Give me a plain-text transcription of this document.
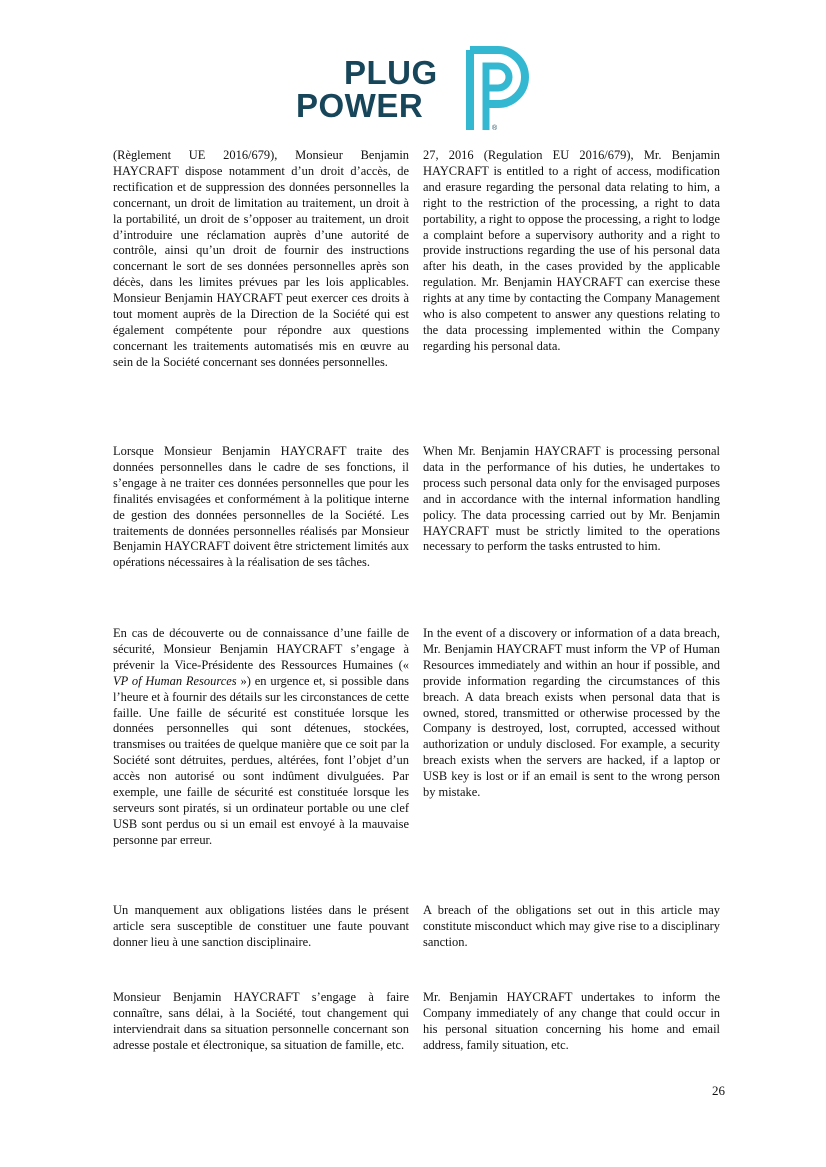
PLUG
POWER
®

(Règlement UE 2016/679), Monsieur Benjamin HAYCRAFT dispose notamment d’un droit d’accès, de rectification et de suppression des données personnelles la concernant, un droit de limitation au traitement, un droit à la portabilité, un droit de s’opposer au traitement, un droit d’introduire une réclamation auprès d’une autorité de contrôle, ainsi qu’un droit de fournir des instructions concernant le sort de ses données personnelles après son décès, dans les limites prévues par les lois applicables. Monsieur Benjamin HAYCRAFT peut exercer ces droits à tout moment auprès de la Direction de la Société qui est également compétente pour répondre aux questions concernant les traitements automatisés mis en œuvre au sein de la Société concernant ses données personnelles.

27, 2016 (Regulation EU 2016/679), Mr. Benjamin HAYCRAFT is entitled to a right of access, modification and erasure regarding the personal data relating to him, a right to the restriction of the processing, a right to data portability, a right to oppose the processing, a right to lodge a complaint before a supervisory authority and a right to provide instructions regarding the use of his personal data after his death, in the cases provided by the applicable regulation. Mr. Benjamin HAYCRAFT can exercise these rights at any time by contacting the Company Management who is also competent to answer any questions relating to the data processing implemented within the Company regarding his personal data.

Lorsque Monsieur Benjamin HAYCRAFT traite des données personnelles dans le cadre de ses fonctions, il s’engage à ne traiter ces données personnelles que pour les finalités envisagées et conformément à la politique interne de gestion des données personnelles de la Société. Les traitements de données personnelles réalisés par Monsieur Benjamin HAYCRAFT doivent être strictement limités aux opérations nécessaires à la réalisation de ses tâches.

When Mr. Benjamin HAYCRAFT is processing personal data in the performance of his duties, he undertakes to process such personal data only for the envisaged purposes and in accordance with the internal information handling policy. The data processing carried out by Mr. Benjamin HAYCRAFT must be strictly limited to the operations necessary to perform the tasks entrusted to him.

En cas de découverte ou de connaissance d’une faille de sécurité, Monsieur Benjamin HAYCRAFT s’engage à prévenir la Vice-Présidente des Ressources Humaines (« VP of Human Resources ») en urgence et, si possible dans l’heure et à fournir des détails sur les circonstances de cette faille. Une faille de sécurité est constituée lorsque les données personnelles qui sont détenues, stockées, transmises ou traitées de quelque manière que ce soit par la Société sont détruites, perdues, altérées, font l’objet d’un accès non autorisé ou sont indûment divulguées. Par exemple, une faille de sécurité est constituée lorsque les serveurs sont piratés, si un ordinateur portable ou une clef USB sont perdus ou si un email est envoyé à la mauvaise personne par erreur.

In the event of a discovery or information of a data breach, Mr. Benjamin HAYCRAFT must inform the VP of Human Resources immediately and within an hour if possible, and provide information regarding the circumstances of this breach. A data breach exists when personal data that is owned, stored, transmitted or otherwise processed by the Company is destroyed, lost, corrupted, accessed without authorization or unduly disclosed. For example, a security breach exists when the servers are hacked, if a laptop or USB key is lost or if an email is sent to the wrong person by mistake.

Un manquement aux obligations listées dans le présent article sera susceptible de constituer une faute pouvant donner lieu à une sanction disciplinaire.

A breach of the obligations set out in this article may constitute misconduct which may give rise to a disciplinary sanction.

Monsieur Benjamin HAYCRAFT s’engage à faire connaître, sans délai, à la Société, tout changement qui interviendrait dans sa situation personnelle concernant son adresse postale et électronique, sa situation de famille, etc.

Mr. Benjamin HAYCRAFT undertakes to inform the Company immediately of any change that could occur in his personal situation concerning his home and email address, family situation, etc.

26
